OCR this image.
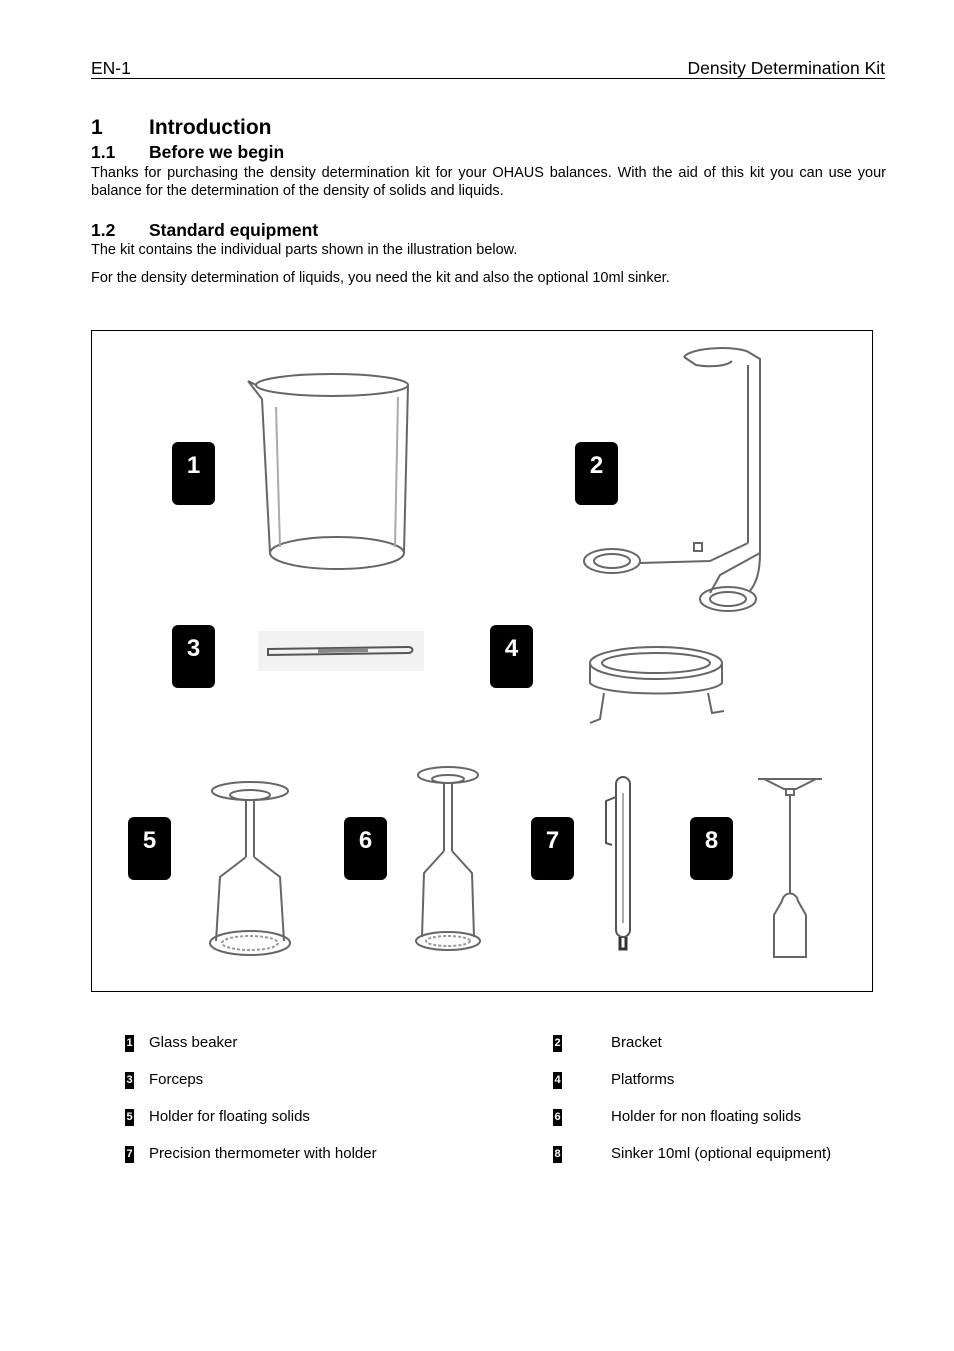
EN-1	Density Determination Kit
1 Introduction
1.1 Before we begin
Thanks for purchasing the density determination kit for your OHAUS balances. With the aid of this kit you can use your balance for the determination of the density of solids and liquids.
1.2 Standard equipment
The kit contains the individual parts shown in the illustration below.
For the density determination of liquids, you need the kit and also the optional 10ml sinker.
1	2
3	4
5	6	7	8
1 Glass beaker	2	Bracket
3 Forceps	4	Platforms
5 Holder for floating solids	6	Holder for non floating solids
7 Precision thermometer with holder	8	Sinker 10ml (optional equipment)
